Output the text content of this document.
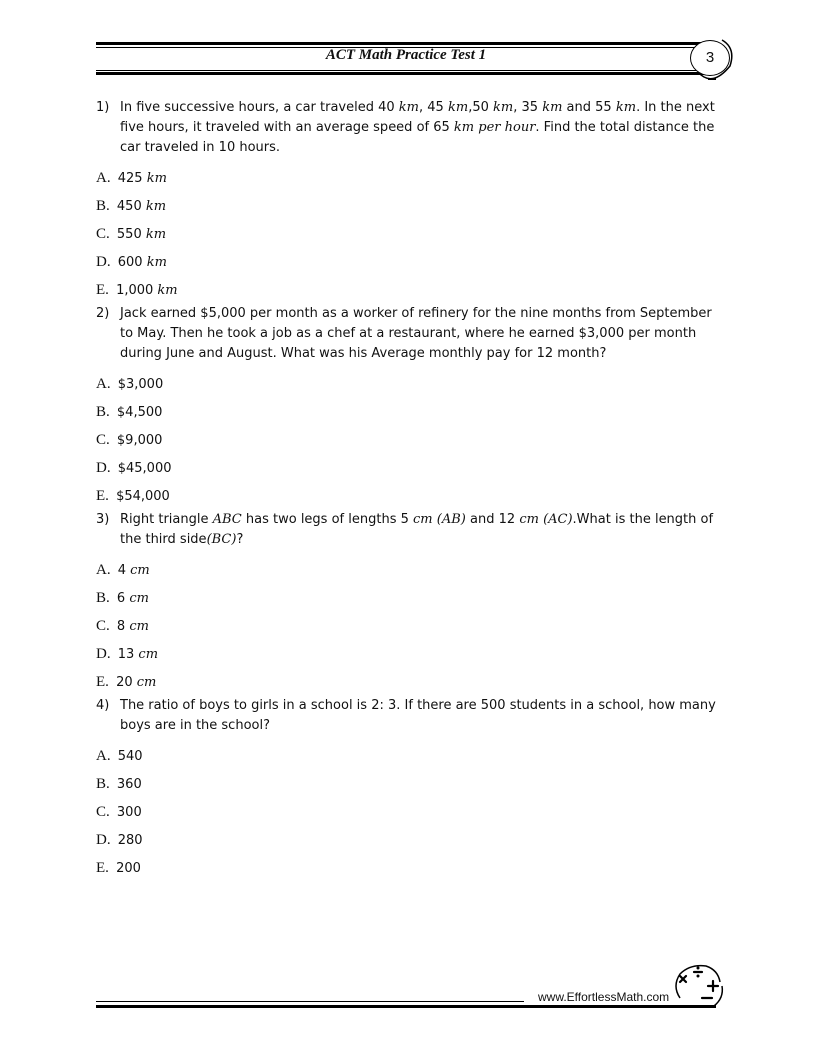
ACT Math Practice Test 1	3
1) In five successive hours, a car traveled 40 km, 45 km,50 km, 35 km and 55 km. In the next five hours, it traveled with an average speed of 65 km per hour. Find the total distance the car traveled in 10 hours.
A. 425 km
B. 450 km
C. 550 km
D. 600 km
E. 1,000 km
2) Jack earned $5,000 per month as a worker of refinery for the nine months from September to May. Then he took a job as a chef at a restaurant, where he earned $3,000 per month during June and August. What was his Average monthly pay for 12 month?
A. $3,000
B. $4,500
C. $9,000
D. $45,000
E. $54,000
3) Right triangle ABC has two legs of lengths 5 cm (AB) and 12 cm (AC).What is the length of the third side(BC)?
A. 4 cm
B. 6 cm
C. 8 cm
D. 13 cm
E. 20 cm
4) The ratio of boys to girls in a school is 2: 3. If there are 500 students in a school, how many boys are in the school?
A. 540
B. 360
C. 300
D. 280
E. 200
www.EffortlessMath.com
